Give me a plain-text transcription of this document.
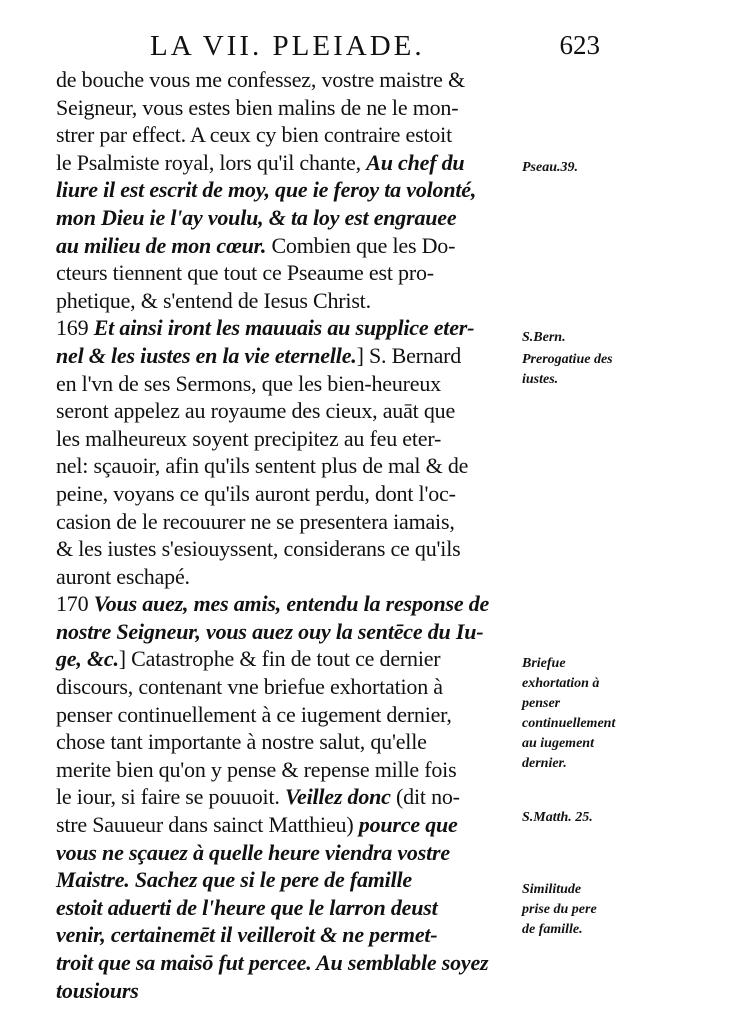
LA VII. PLEIADE.	623
de bouche vous me confessez, vostre maistre &
Seigneur, vous estes bien malins de ne le mon-
strer par effect. A ceux cy bien contraire estoit
le Psalmiste royal, lors qu'il chante, Au chef du
liure il est escrit de moy, que ie feroy ta volonté,
mon Dieu ie l'ay voulu, & ta loy est engrauee
au milieu de mon cœur. Combien que les Do-
cteurs tiennent que tout ce Pseaume est pro-
phetique, & s'entend de Iesus Christ.
169 Et ainsi iront les mauuais au supplice eter-
nel & les iustes en la vie eternelle.] S. Bernard
en l'vn de ses Sermons, que les bien-heureux
seront appelez au royaume des cieux, auāt que
les malheureux soyent precipitez au feu eter-
nel: sçauoir, afin qu'ils sentent plus de mal & de
peine, voyans ce qu'ils auront perdu, dont l'oc-
casion de le recouurer ne se presentera iamais,
& les iustes s'esiouyssent, considerans ce qu'ils
auront eschapé.
170 Vous auez, mes amis, entendu la response de
nostre Seigneur, vous auez ouy la sentēce du Iu-
ge, &c.] Catastrophe & fin de tout ce dernier
discours, contenant vne briefue exhortation à
penser continuellement à ce iugement dernier,
chose tant importante à nostre salut, qu'elle
merite bien qu'on y pense & repense mille fois
le iour, si faire se pouuoit. Veillez donc (dit no-
stre Sauueur dans sainct Matthieu) pource que
vous ne sçauez à quelle heure viendra vostre
Maistre. Sachez que si le pere de famille
estoit aduerti de l'heure que le larron deust
venir, certainemēt il veilleroit & ne permet-
troit que sa maisō fut percee. Au semblable soyez
tousiours
Pseau.39.
S.Bern.
Prerogatiue des iustes.
Briefue exhortation à penser continuellement au iugement dernier.
S.Matth. 25.
Similitude prise du pere de famille.
